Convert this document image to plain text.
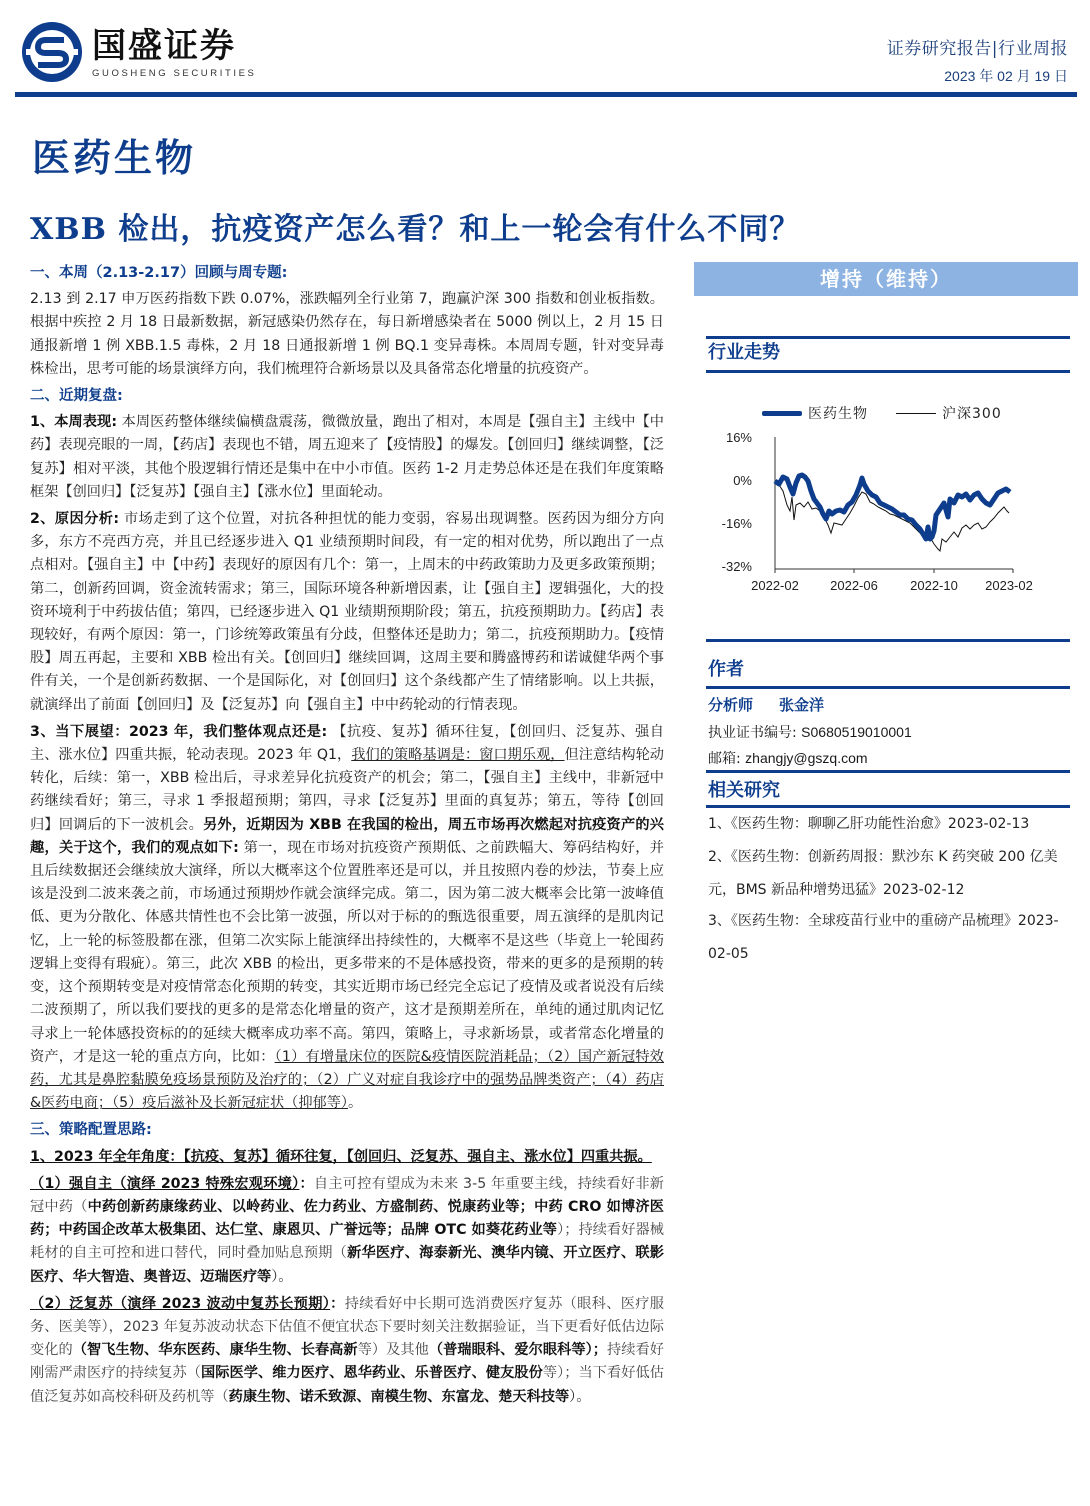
国盛证券
GUOSHENG SECURITIES
证券研究报告|行业周报
2023 年 02 月 19 日
医药生物
XBB 检出，抗疫资产怎么看？和上一轮会有什么不同？
一、本周（2.13-2.17）回顾与周专题:
2.13 到 2.17 申万医药指数下跌 0.07%，涨跌幅列全行业第 7，跑赢沪深 300 指数和创业板指数。根据中疾控 2 月 18 日最新数据，新冠感染仍然存在，每日新增感染者在 5000 例以上，2 月 15 日通报新增 1 例 XBB.1.5 毒株，2 月 18 日通报新增 1 例 BQ.1 变异毒株。本周周专题，针对变异毒株检出，思考可能的场景演绎方向，我们梳理符合新场景以及具备常态化增量的抗疫资产。
二、近期复盘:
1、本周表现: 本周医药整体继续偏横盘震荡，微微放量，跑出了相对，本周是【强自主】主线中【中药】表现亮眼的一周，【药店】表现也不错，周五迎来了【疫情股】的爆发。【创回归】继续调整，【泛复苏】相对平淡，其他个股逻辑行情还是集中在中小市值。医药 1-2 月走势总体还是在我们年度策略框架【创回归】【泛复苏】【强自主】【涨水位】里面轮动。
2、原因分析: 市场走到了这个位置，对抗各种担忧的能力变弱，容易出现调整。医药因为细分方向多，东方不亮西方亮，并且已经逐步进入 Q1 业绩预期时间段，有一定的相对优势，所以跑出了一点点相对。【强自主】中【中药】表现好的原因有几个：第一，上周末的中药政策助力及更多政策预期；第二，创新药回调，资金流转需求；第三，国际环境各种新增因素，让【强自主】逻辑强化，大的投资环境利于中药拔估值；第四，已经逐步进入 Q1 业绩期预期阶段；第五，抗疫预期助力。【药店】表现较好，有两个原因：第一，门诊统筹政策虽有分歧，但整体还是助力；第二，抗疫预期助力。【疫情股】周五再起，主要和 XBB 检出有关。【创回归】继续回调，这周主要和腾盛博药和诺诚健华两个事件有关，一个是创新药数据、一个是国际化，对【创回归】这个条线都产生了情绪影响。以上共振，就演绎出了前面【创回归】及【泛复苏】向【强自主】中中药轮动的行情表现。
3、当下展望：2023 年，我们整体观点还是: 【抗疫、复苏】循环往复，【创回归、泛复苏、强自主、涨水位】四重共振，轮动表现。2023 年 Q1，我们的策略基调是：窗口期乐观，但注意结构轮动转化，后续：第一，XBB 检出后，寻求差异化抗疫资产的机会；第二，【强自主】主线中，非新冠中药继续看好；第三，寻求 1 季报超预期；第四，寻求【泛复苏】里面的真复苏；第五，等待【创回归】回调后的下一波机会。另外，近期因为 XBB 在我国的检出，周五市场再次燃起对抗疫资产的兴趣，关于这个，我们的观点如下: 第一，现在市场对抗疫资产预期低、之前跌幅大、筹码结构好，并且后续数据还会继续放大演绎，所以大概率这个位置胜率还是可以，并且按照内卷的炒法，节奏上应该是没到二波来袭之前，市场通过预期炒作就会演绎完成。第二，因为第二波大概率会比第一波峰值低、更为分散化、体感共情性也不会比第一波强，所以对于标的的甄选很重要，周五演绎的是肌肉记忆，上一轮的标签股都在涨，但第二次实际上能演绎出持续性的，大概率不是这些（毕竟上一轮囤药逻辑上变得有瑕疵）。第三，此次 XBB 的检出，更多带来的不是体感投资，带来的更多的是预期的转变，这个预期转变是对疫情常态化预期的转变，其实近期市场已经完全忘记了疫情及或者说没有后续二波预期了，所以我们要找的更多的是常态化增量的资产，这才是预期差所在，单纯的通过肌肉记忆寻求上一轮体感投资标的的延续大概率成功率不高。第四，策略上，寻求新场景，或者常态化增量的资产，才是这一轮的重点方向，比如：（1）有增量床位的医院&疫情医院消耗品；（2）国产新冠特效药，尤其是鼻腔黏膜免疫场景预防及治疗的；（2）广义对症自我诊疗中的强势品牌类资产；（4）药店&医药电商；（5）疫后滋补及长新冠症状（抑郁等）。
三、策略配置思路:
1、2023 年全年角度：【抗疫、复苏】循环往复，【创回归、泛复苏、强自主、涨水位】四重共振。
（1）强自主（演绎 2023 特殊宏观环境）：自主可控有望成为未来 3-5 年重要主线，持续看好非新冠中药（中药创新药康缘药业、以岭药业、佐力药业、方盛制药、悦康药业等；中药 CRO 如博济医药；中药国企改革太极集团、达仁堂、康恩贝、广誉远等；品牌 OTC 如葵花药业等）；持续看好器械耗材的自主可控和进口替代，同时叠加贴息预期（新华医疗、海泰新光、澳华内镜、开立医疗、联影医疗、华大智造、奥普迈、迈瑞医疗等）。
（2）泛复苏（演绎 2023 波动中复苏长预期）：持续看好中长期可选消费医疗复苏（眼科、医疗服务、医美等），2023 年复苏波动状态下估值不便宜状态下要时刻关注数据验证，当下更看好低估边际变化的（智飞生物、华东医药、康华生物、长春高新等）及其他（普瑞眼科、爱尔眼科等）；持续看好刚需严肃医疗的持续复苏（国际医学、维力医疗、恩华药业、乐普医疗、健友股份等）；当下看好低估值泛复苏如高校科研及药机等（药康生物、诺禾致源、南模生物、东富龙、楚天科技等）。
增持（维持）
行业走势
医药生物	沪深300
16%
0%
-16%
-32%
2022-02 2022-06 2022-10 2023-02
作者
分析师 张金洋
执业证书编号: S0680519010001
邮箱: zhangjy@gszq.com
相关研究
1、《医药生物：聊聊乙肝功能性治愈》2023-02-13
2、《医药生物：创新药周报：默沙东 K 药突破 200 亿美元，BMS 新品种增势迅猛》2023-02-12
3、《医药生物：全球疫苗行业中的重磅产品梳理》2023-02-05
